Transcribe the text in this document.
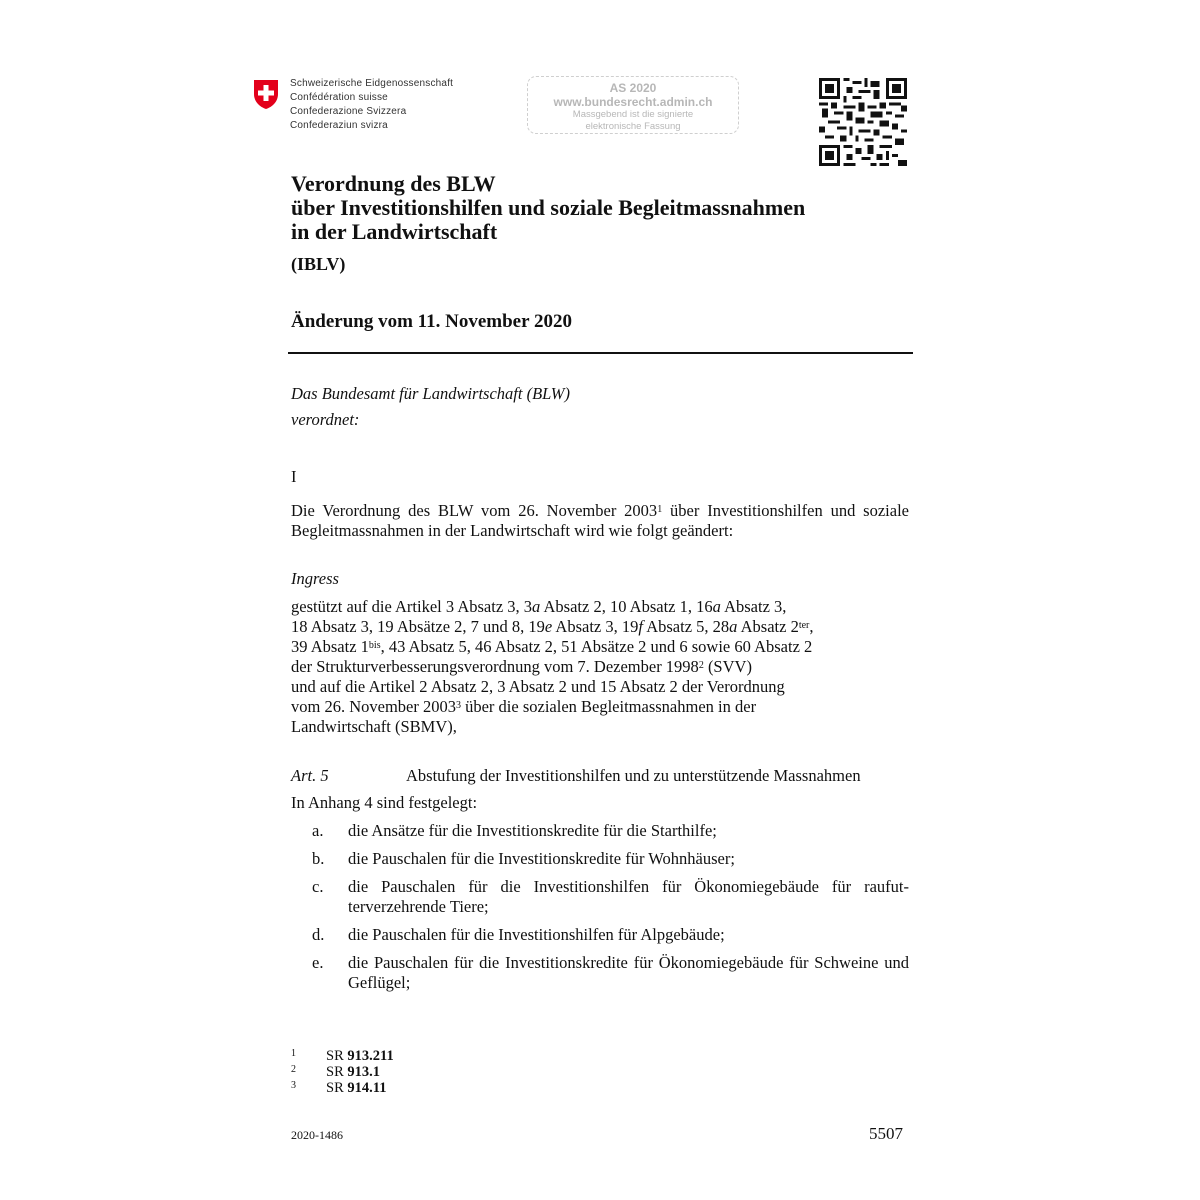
Schweizerische Eidgenossenschaft
Confédération suisse
Confederazione Svizzera
Confederaziun svizra
AS 2020
www.bundesrecht.admin.ch
Massgebend ist die signierte
elektronische Fassung
Verordnung des BLW
über Investitionshilfen und soziale Begleitmassnahmen
in der Landwirtschaft
(IBLV)
Änderung vom 11. November 2020
Das Bundesamt für Landwirtschaft (BLW)
verordnet:
I
Die Verordnung des BLW vom 26. November 2003$^1$ über Investitionshilfen und soziale Begleitmassnahmen in der Landwirtschaft wird wie folgt geändert:
Ingress
gestützt auf die Artikel 3 Absatz 3, 3a Absatz 2, 10 Absatz 1, 16a Absatz 3,
18 Absatz 3, 19 Absätze 2, 7 und 8, 19e Absatz 3, 19f Absatz 5, 28a Absatz $2^{ter}$,
39 Absatz $1^{bis}$, 43 Absatz 5, 46 Absatz 2, 51 Absätze 2 und 6 sowie 60 Absatz 2
der Strukturverbesserungsverordnung vom 7. Dezember 1998$^2$ (SVV)
und auf die Artikel 2 Absatz 2, 3 Absatz 2 und 15 Absatz 2 der Verordnung
vom 26. November 2003$^3$ über die sozialen Begleitmassnahmen in der
Landwirtschaft (SBMV),
Art. 5	Abstufung der Investitionshilfen und zu unterstützende Massnahmen
In Anhang 4 sind festgelegt:
a. die Ansätze für die Investitionskredite für die Starthilfe;
b. die Pauschalen für die Investitionskredite für Wohnhäuser;
c. die Pauschalen für die Investitionshilfen für Ökonomiegebäude für raufut-terverzehrende Tiere;
d. die Pauschalen für die Investitionshilfen für Alpgebäude;
e. die Pauschalen für die Investitionskredite für Ökonomiegebäude für Schweine und Geflügel;
1 SR 913.211
2 SR 913.1
3 SR 914.11
2020-1486	5507
